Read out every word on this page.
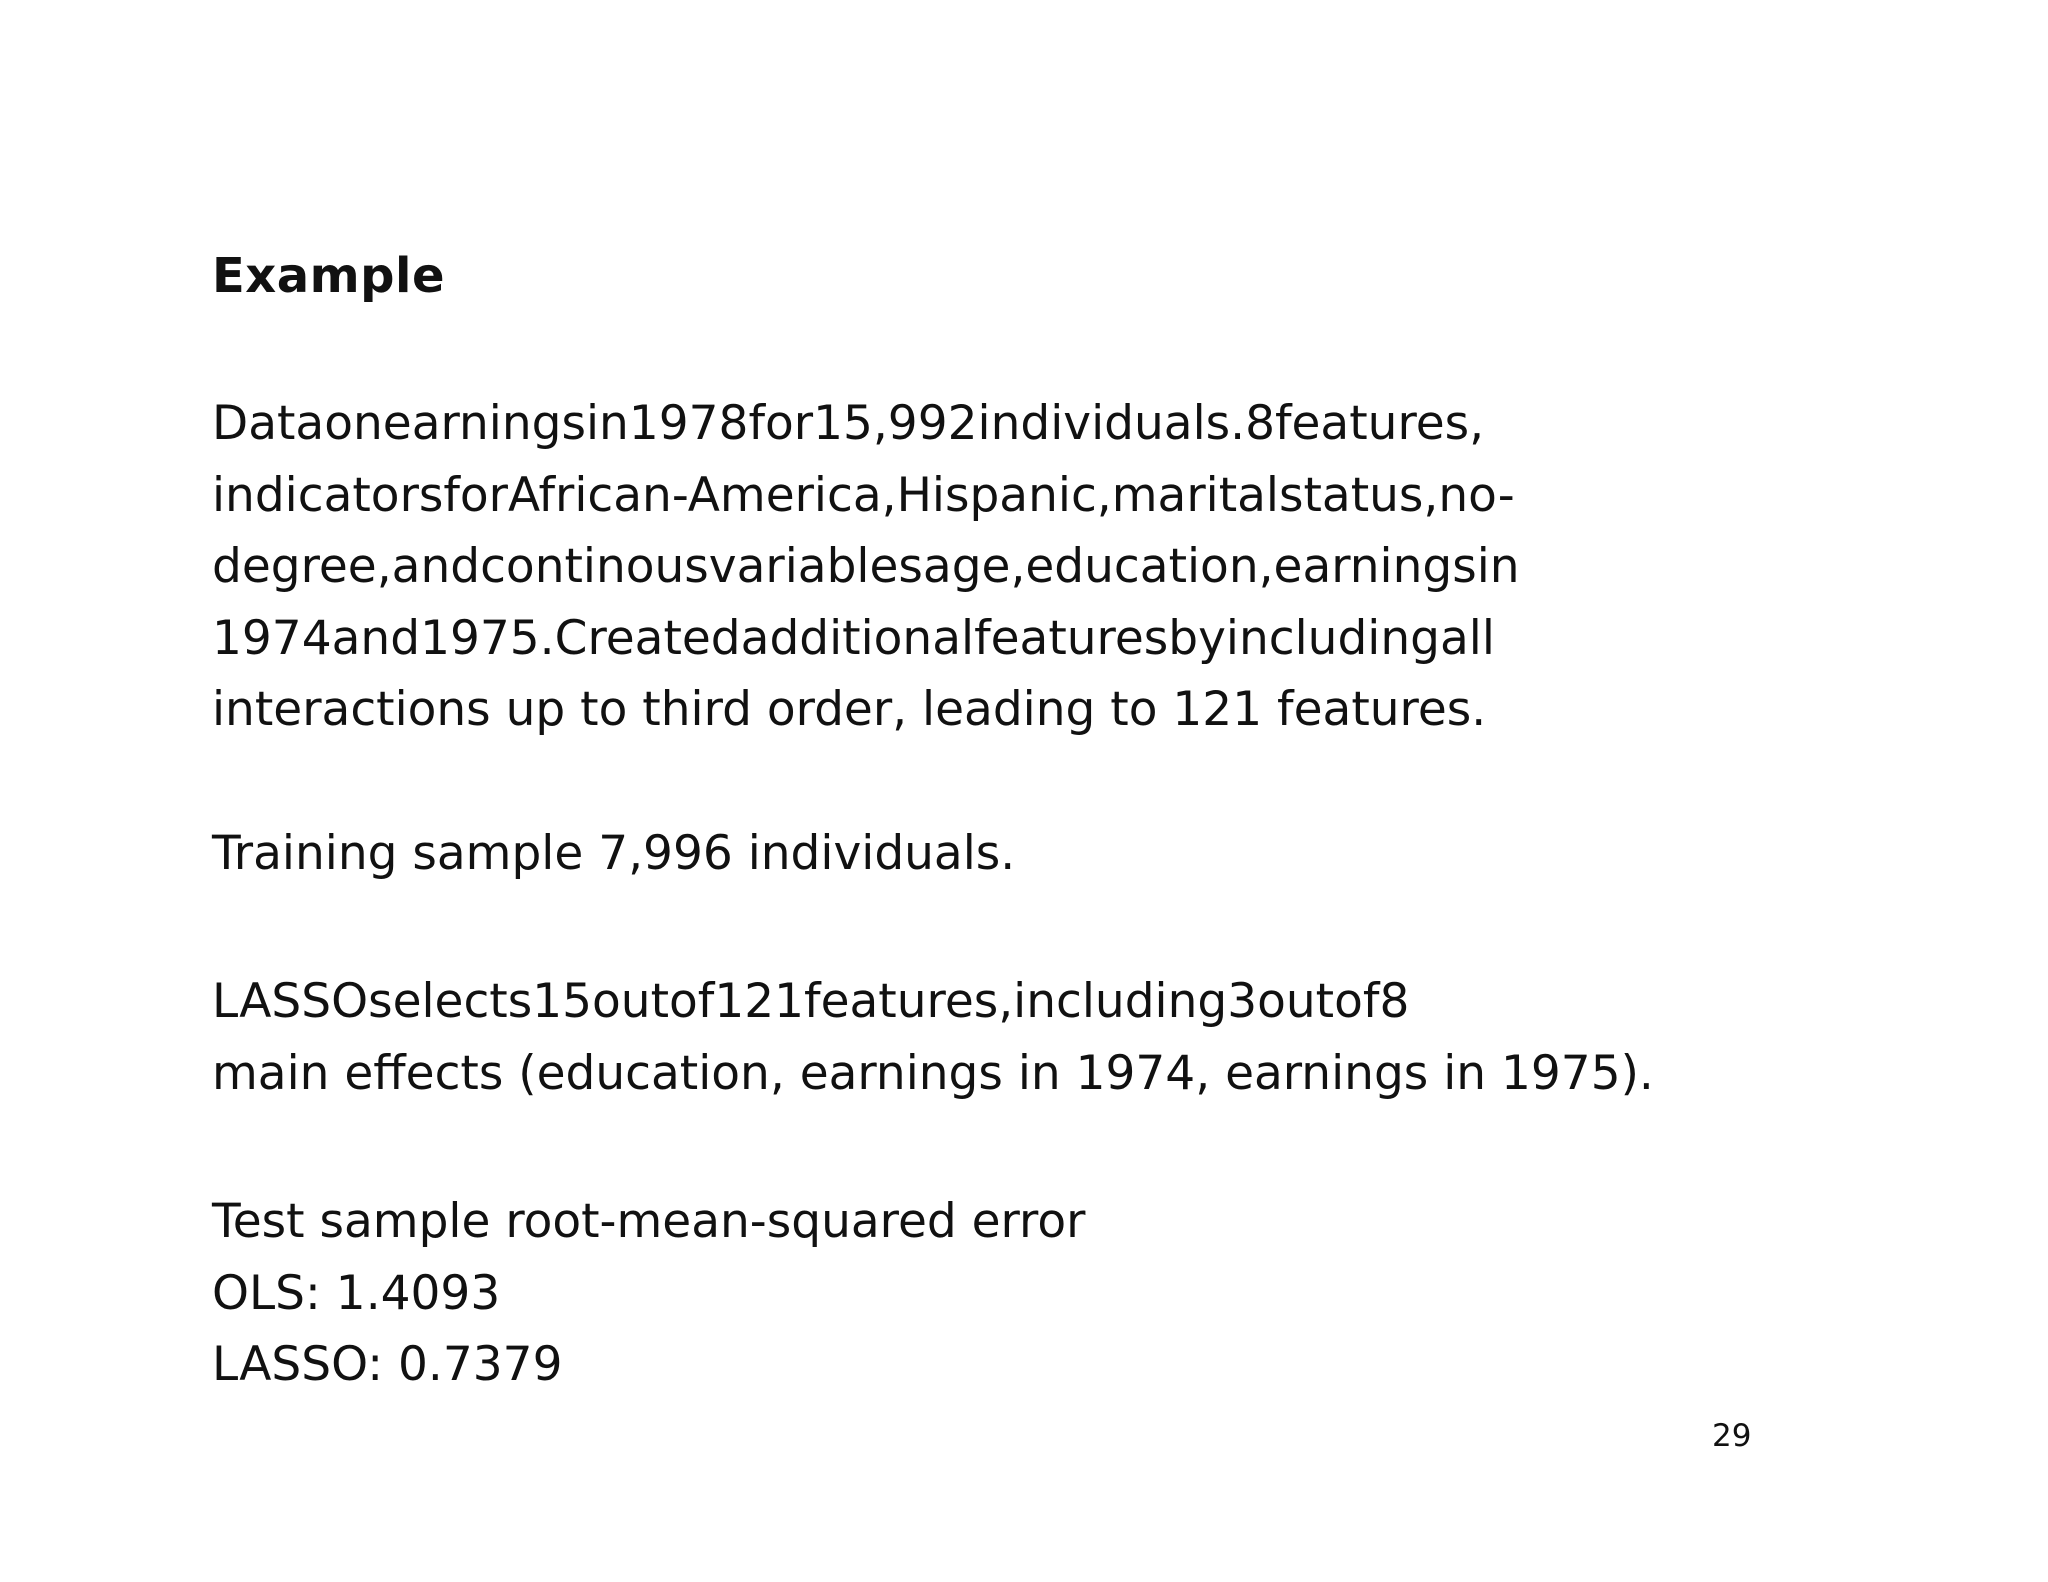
Example
Dataonearningsin1978for15,992individuals.8features,
indicatorsforAfrican-America,Hispanic,maritalstatus,no-
degree,andcontinousvariablesage,education,earningsin
1974and1975.Createdadditionalfeaturesbyincludingall
interactions up to third order, leading to 121 features.
Training sample 7,996 individuals.
LASSOselects15outof121features,including3outof8
main effects (education, earnings in 1974, earnings in 1975).
Test sample root-mean-squared error
OLS: 1.4093
LASSO: 0.7379
29
